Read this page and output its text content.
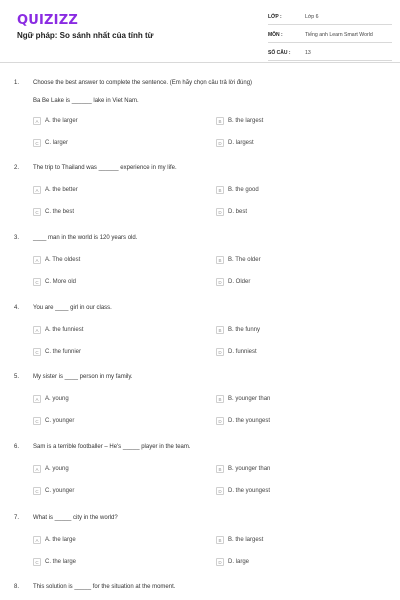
QUIZIZZ
Ngữ pháp: So sánh nhất của tính từ
LỚP :	Lớp 6
MÔN :	Tiếng anh Learn Smart World
SỐ CÂU :	13
1. Choose the best answer to complete the sentence. (Em hãy chọn câu trả lời đúng)
Ba Be Lake is ______ lake in Viet Nam.
A	A. the larger	B	B. the largest
C	C. larger	D	D. largest
2. The trip to Thailand was ______ experience in my life.
A	A. the better	B	B. the good
C	C. the best	D	D. best
3. ____ man in the world is 120 years old.
A	A. The oldest	B	B. The older
C	C. More old	D	D. Older
4. You are ____ girl in our class.
A	A. the funniest	B	B. the funny
C	C. the funnier	D	D. funniest
5. My sister is ____ person in my family.
A	A. young	B	B. younger than
C	C. younger	D	D. the youngest
6. Sam is a terrible footballer – He's _____ player in the team.
A	A. young	B	B. younger than
C	C. younger	D	D. the youngest
7. What is _____ city in the world?
A	A. the large	B	B. the largest
C	C. the large	D	D. large
8. This solution is _____ for the situation at the moment.
